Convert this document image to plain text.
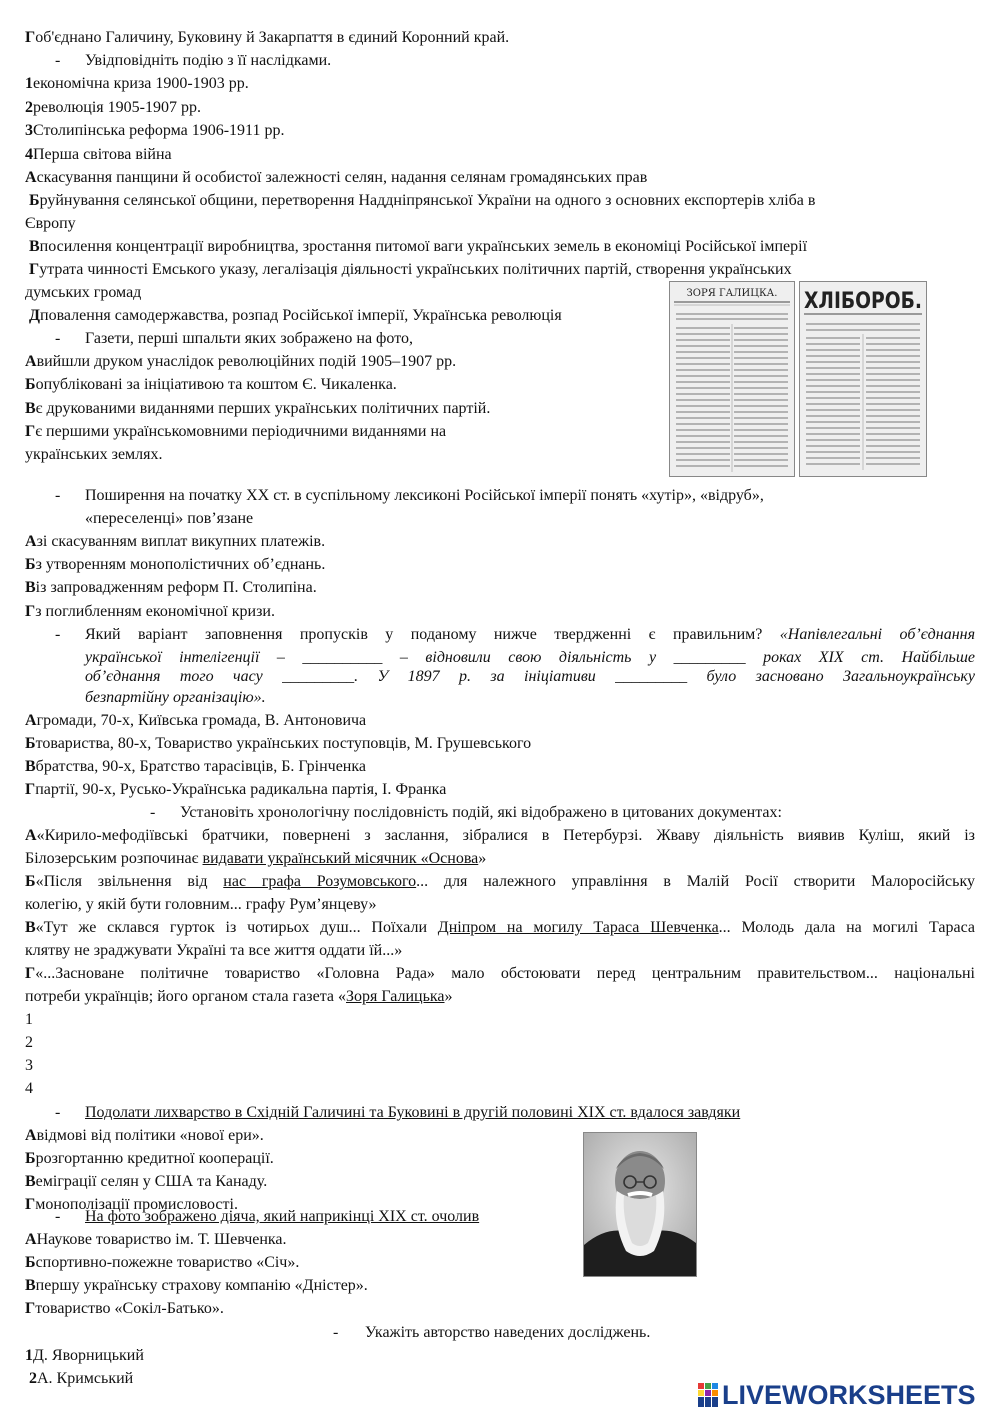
Гоб'єднано Галичину, Буковину й Закарпаття в єдиний Коронний край.
- Увідповідніть подію з її наслідками.
1економічна криза 1900-1903 рр.
2революція 1905-1907 рр.
3Столипінська реформа 1906-1911 рр.
4Перша світова війна
Аскасування панщини й особистої залежності селян, надання селянам громадянських прав
Бруйнування селянської общини, перетворення Наддніпрянської України на одного з основних експортерів хліба в
Європу
Впосилення концентрації виробництва, зростання питомої ваги українських земель в економіці Російської імперії
Гутрата чинності Емського указу, легалізація діяльності українських політичних партій, створення українських
думських громад
Дповалення самодержавства, розпад Російської імперії, Українська революція
- Газети, перші шпальти яких зображено на фото,
Авийшли друком унаслідок революційних подій 1905–1907 рр.
Бопубліковані за ініціативою та коштом Є. Чикаленка.
Вє друкованими виданнями перших українських політичних партій.
Гє першими українськомовними періодичними виданнями на
українських землях.
ЗОРЯ ГАЛИЦКА. ХЛІБОРОБ.
- Поширення на початку ХХ ст. в суспільному лексиконі Російської імперії понять «хутір», «відруб»,
«переселенці» пов’язане
Азі скасуванням виплат викупних платежів.
Бз утворенням монополістичних об’єднань.
Віз запровадженням реформ П. Столипіна.
Гз поглибленням економічної кризи.
- Який варіант заповнення пропусків у поданому нижче твердженні є правильним? «Напівлегальні об’єднання
української інтелігенції – __________ – відновили свою діяльність у _________ роках XIX ст. Найбільше
об’єднання того часу _________. У 1897 р. за ініціативи _________ було засновано Загальноукраїнську
безпартійну організацію».
Агромади, 70-х, Київська громада, В. Антоновича
Бтовариства, 80-х, Товариство українських поступовців, М. Грушевського
Вбратства, 90-х, Братство тарасівців, Б. Грінченка
Гпартії, 90-х, Русько-Українська радикальна партія, І. Франка
- Установіть хронологічну послідовність подій, які відображено в цитованих документах:
А«Кирило-мефодіївські братчики, повернені з заслання, зібралися в Петербурзі. Жваву діяльність виявив Куліш, який із
Білозерським розпочинає видавати український місячник «Основа»
Б«Після звільнення від нас графа Розумовського... для належного управління в Малій Росії створити Малоросійську
колегію, у якій бути головним... графу Рум’янцеву»
В«Тут же склався гурток із чотирьох душ... Поїхали Дніпром на могилу Тараса Шевченка... Молодь дала на могилі Тараса
клятву не зраджувати Україні та все життя оддати їй...»
Г«...Засноване політичне товариство «Головна Рада» мало обстоювати перед центральним правительством... національні
потреби українців; його органом стала газета «Зоря Галицька»
1
2
3
4
- Подолати лихварство в Східній Галичині та Буковині в другій половині XIX ст. вдалося завдяки
Авідмові від політики «нової ери».
Брозгортанню кредитної кооперації.
Веміграції селян у США та Канаду.
Гмонополізації промисловості.
- На фото зображено діяча, який наприкінці XIX ст. очолив
АНаукове товариство ім. Т. Шевченка.
Бспортивно-пожежне товариство «Січ».
Впершу українську страхову компанію «Дністер».
Гтовариство «Сокіл-Батько».
- Укажіть авторство наведених досліджень.
1Д. Яворницький
2А. Кримський
LIVEWORKSHEETS
